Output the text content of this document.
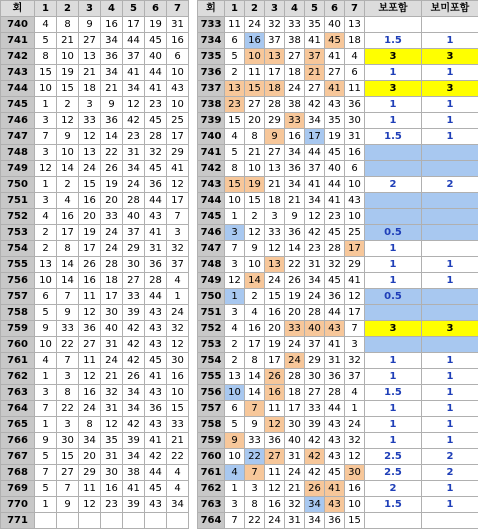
회	1	2	3	4	5	6	7
740	4	8	9	16	17	19	31
741	5	21	27	34	44	45	16
742	8	10	13	36	37	40	6
743	15	19	21	34	41	44	10
744	10	15	18	21	34	41	43
745	1	2	3	9	12	23	10
746	3	12	33	36	42	45	25
747	7	9	12	14	23	28	17
748	3	10	13	22	31	32	29
749	12	14	24	26	34	45	41
750	1	2	15	19	24	36	12
751	3	4	16	20	28	44	17
752	4	16	20	33	40	43	7
753	2	17	19	24	37	41	3
754	2	8	17	24	29	31	32
755	13	14	26	28	30	36	37
756	10	14	16	18	27	28	4
757	6	7	11	17	33	44	1
758	5	9	12	30	39	43	24
759	9	33	36	40	42	43	32
760	10	22	27	31	42	43	12
761	4	7	11	24	42	45	30
762	1	3	12	21	26	41	16
763	3	8	16	32	34	43	10
764	7	22	24	31	34	36	15
765	1	3	8	12	42	43	33
766	9	30	34	35	39	41	21
767	5	15	20	31	34	42	22
768	7	27	29	30	38	44	4
769	5	7	11	16	41	45	4
770	1	9	12	23	39	43	34
771							
회	1	2	3	4	5	6	7	보포함	보미포함
733	11	24	32	33	35	40	13		
734	6	16	37	38	41	45	18	1.5	1
735	5	10	13	27	37	41	4	3	3
736	2	11	17	18	21	27	6	1	1
737	13	15	18	24	27	41	11	3	3
738	23	27	28	38	42	43	36	1	1
739	15	20	29	33	34	35	30	1	1
740	4	8	9	16	17	19	31	1.5	1
741	5	21	27	34	44	45	16		
742	8	10	13	36	37	40	6		
743	15	19	21	34	41	44	10	2	2
744	10	15	18	21	34	41	43		
745	1	2	3	9	12	23	10		
746	3	12	33	36	42	45	25	0.5	
747	7	9	12	14	23	28	17	1	
748	3	10	13	22	31	32	29	1	1
749	12	14	24	26	34	45	41	1	1
750	1	2	15	19	24	36	12	0.5	
751	3	4	16	20	28	44	17		
752	4	16	20	33	40	43	7	3	3
753	2	17	19	24	37	41	3		
754	2	8	17	24	29	31	32	1	1
755	13	14	26	28	30	36	37	1	1
756	10	14	16	18	27	28	4	1.5	1
757	6	7	11	17	33	44	1	1	1
758	5	9	12	30	39	43	24	1	1
759	9	33	36	40	42	43	32	1	1
760	10	22	27	31	42	43	12	2.5	2
761	4	7	11	24	42	45	30	2.5	2
762	1	3	12	21	26	41	16	2	1
763	3	8	16	32	34	43	10	1.5	1
764	7	22	24	31	34	36	15		
